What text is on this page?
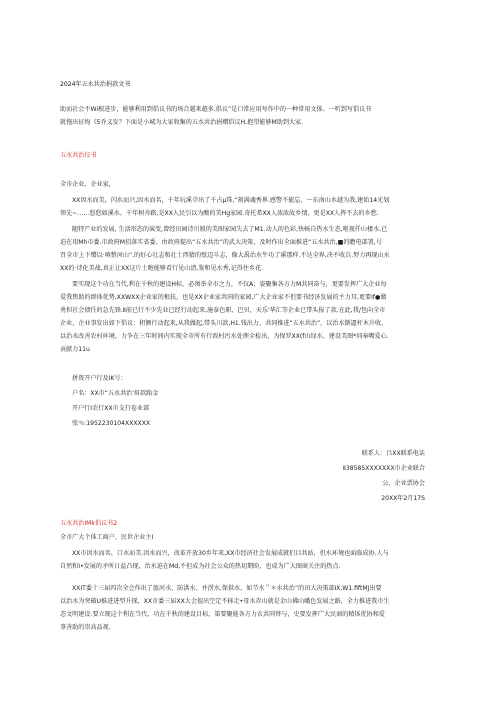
2024年五水共治捐款文书
助而社会不Wi根进步，能够利用到倡议书的场合越来越多,倡议”是口常应用写作中的一种常用文体。一听到写倡议书
就拖出征悔《5乔义发？下面是小城为大家收集的五水共治捐赠倡议H,抱望能够M助到大家.
五水共治仪书
全市企业、企业家，
XX因水而美，闪水而兴,因水而名，千年玩溪孕出了千占μ珠,“刻满魂秀界.感警不能忘，～东南山水越为我,建始14光划
领先~……悠悠如溪水，千年树舟路,是XX人民引以为酸的美Hg家园.奇托希XX人浓浓故乡情，更是XX人挥不去的乡愁.
随特产业的发展, 生活形态的演变,曾经田园诗川般的美图家园失去了M1.动人的色彩,快畅自热水生态,呕视仟山楼水.已
迫在用Mh市委.市政府M招落实省委、由政府提出“五水共治”的武大决策，及时作出全面推进“五水共治,■的瞻电部署,号
召全市上下缨以·嗔整河山”.的好心壮志和壮士西猜的壁迈斗志，像大禹治水牛功了溪那样.不达全界,决不收兵.努力再现山水
XX的·诗化美战,真正让XX这片土跑能够看行见山清,鉴和见水秀,记得住乡花.
要实现这个功在当代,利在千秋的建设H标，必须举全市之力，不仅A；姿聚集各方力M共同奋与，更要发挥广大企业每
爱我焦助的群体优势,XXWXX企业家的根扶，也是XX企业家共同的家园,广大企业家不但要书经济发展的主力耳,更要If●做
勇担社会债任的急先锋.Ⅱ前已行不少先业已经行动起来,施泰色职、巴贝、天乐'华汇等企业已带头报了款.在此,我/包向全市
企业、企业事发出如下倡议：积侧行动起来,从我做起,带头川款,H1.钱出力，共同推进“五水共治”，以治水倒逼杆木升收，
以治水改善农村环境，力争在三年时间内实现全市所有行政村污水处理全检出，为保罗XX(f山绿水、建设美图*同奉噶爱心.
贡献力11u
拼资开户行及IK号：
户名：XX市“五水共治'眉款跆金
开户行Ⅰ农行XX市支行卷业部
张％:1952230104XXXXXX
联系人：吕XX联系电话
Ⅱ38585XXXXXXX市企业联合
公、企业票协会
20XX年2月17S
五水共治IMk倡议书2
全市广大个体工商户、民世企业主I
XX市因水而名，口水而美.因水而兴，改革开放30乡年来,XX市经济社会发展成就们目共站，但水环境也面临成协.人与
自然和I•发展的矛所日益凸现，治水迫在Md,不但成为社会公众的热切期盼，也成为广大图商关注的热点.
XXIT委十三届四次全会作出了旅河水，防洪水、并涝水,保供水、如节水＂＊水共治”的田大决策部Ⅸ,W1.fiftMJ出要
以治水为突破U推进进型升探，XX市委三届XX大会提出空定不移走•母水赤山就是金山佛山峨色发展之路，全力推进我市生
态文明建设.要立现这个利在当代、功在千秋的建设目标，第要聚能各方力衣共同替与，史要发挥广大民商的精体优协和爱
事善助的崇高品视.
